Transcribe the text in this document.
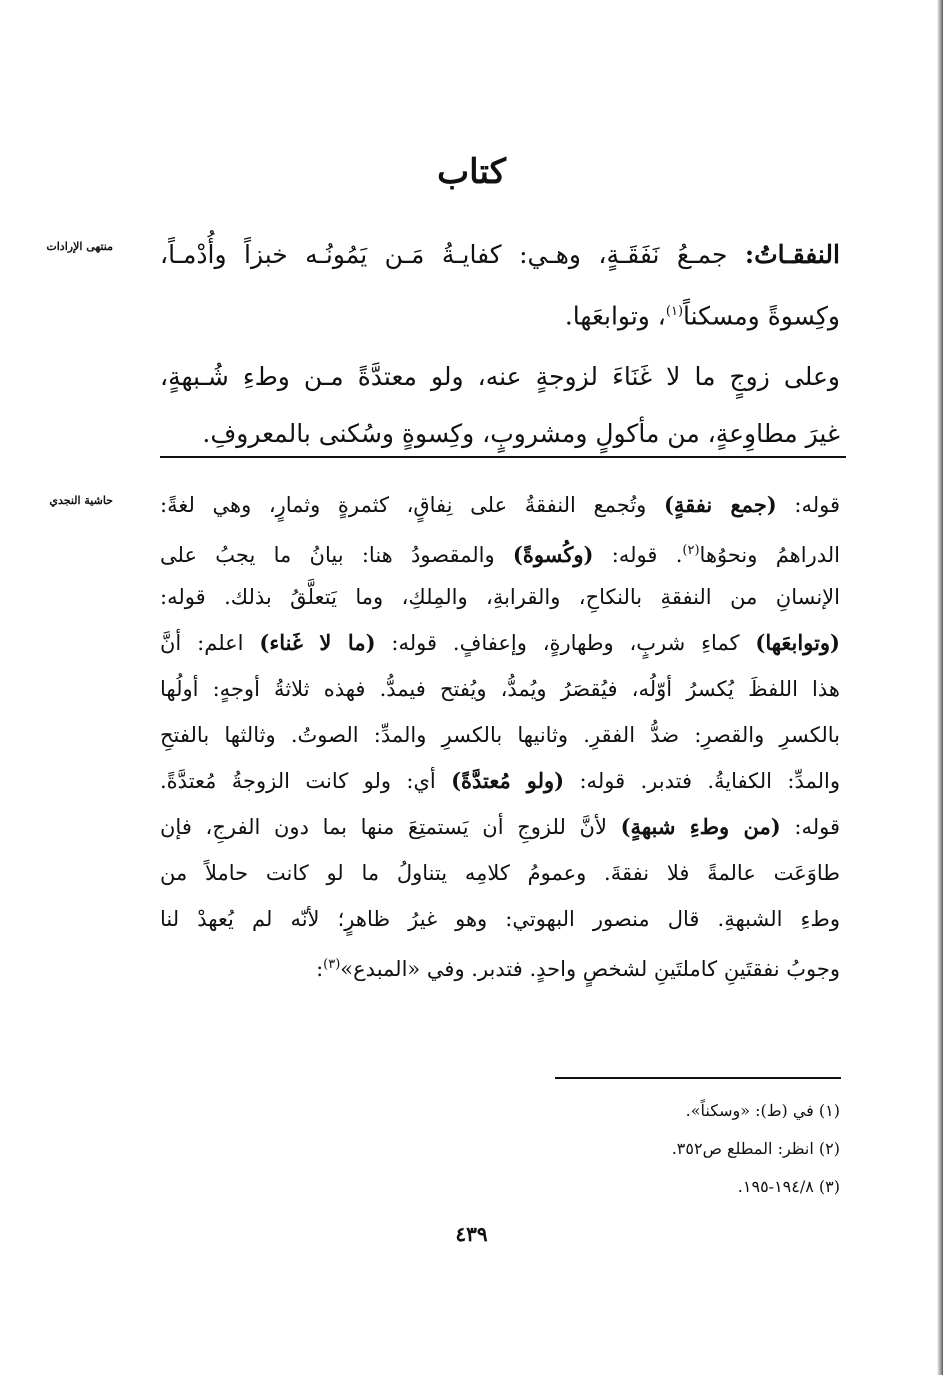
كتاب
منتهى الإرادات
حاشية النجدي
النفقـاتُ: جمـعُ نَفَقَـةٍ، وهـي: كفايـةُ مَـن يَمُونُـه خبزاً وأُدْمـاً،
وكِسوةً ومسكناً$^{(١)}$، وتوابعَها.
وعلى زوجٍ ما لا غَنَاءَ لزوجةٍ عنه، ولو معتدَّةً مـن وطءِ شُـبهةٍ،
غيرَ مطاوِعةٍ، من مأكولٍ ومشروبٍ، وكِسوةٍ وسُكنى بالمعروفِ.
قوله: (جمع نفقةٍ) وتُجمع النفقةُ على نِفاقٍ، كثمرةٍ وثمارٍ، وهي لغةً:
الدراهمُ ونحوُها$^{(٢)}$. قوله: (وكُسوةً) والمقصودُ هنا: بيانُ ما يجبُ على
الإنسانِ من النفقةِ بالنكاحِ، والقرابةِ، والمِلكِ، وما يَتعلَّقُ بذلك. قوله:
(وتوابعَها) كماءِ شربٍ، وطهارةٍ، وإعفافٍ. قوله: (ما لا غَناء) اعلم: أنَّ
هذا اللفظَ يُكسرُ أوّلُه، فيُقصَرُ ويُمدُّ، ويُفتح فيمدُّ. فهذه ثلاثةُ أوجهٍ: أولُها
بالكسرِ والقصرِ: ضدُّ الفقرِ. وثانيها بالكسرِ والمدِّ: الصوتُ. وثالثها بالفتحِ
والمدِّ: الكفايةُ. فتدبر. قوله: (ولو مُعتدَّةً) أي: ولو كانت الزوجةُ مُعتدَّةً.
قوله: (من وطءِ شبهةٍ) لأنَّ للزوجِ أن يَستمتِعَ منها بما دون الفرجِ، فإن
طاوَعَت عالمةً فلا نفقةَ. وعمومُ كلامِه يتناولُ ما لو كانت حاملاً من
وطءِ الشبهةِ. قال منصور البهوتي: وهو غيرُ ظاهرٍ؛ لأنّه لم يُعهدْ لنا
وجوبُ نفقتَينِ كاملتَينِ لشخصٍ واحدٍ. فتدبر. وفي «المبدع»$^{(٣)}$:
(١) في (ط): «وسكناً».
(٢) انظر: المطلع ص٣٥٢.
(٣) ١٩٤/٨-١٩٥.
٤٣٩
